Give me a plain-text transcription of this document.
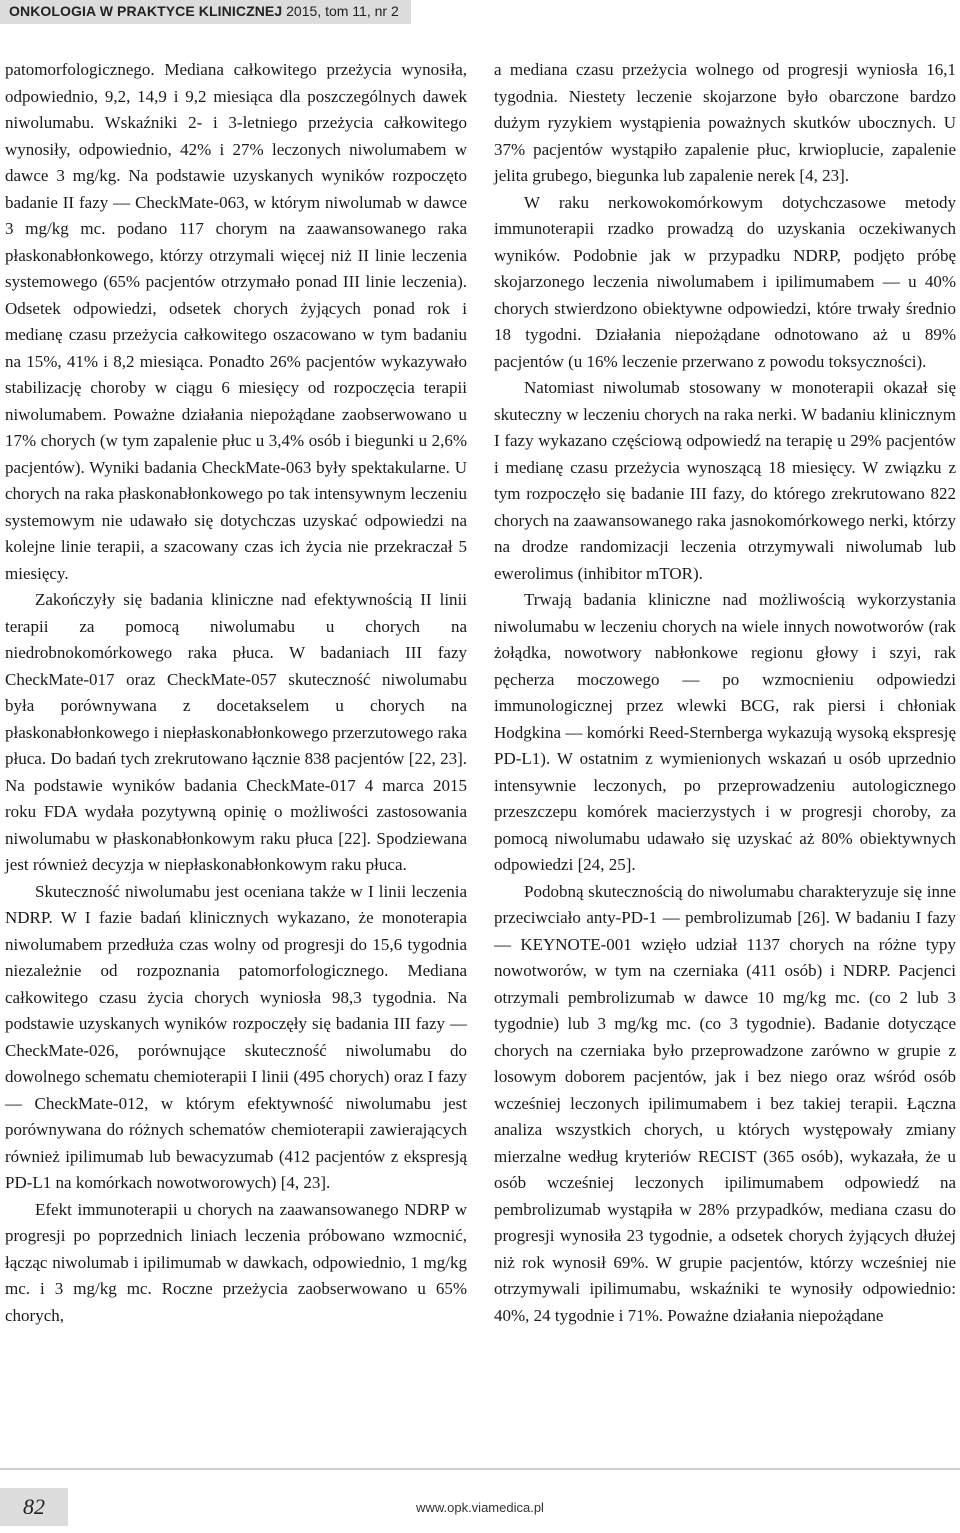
ONKOLOGIA W PRAKTYCE KLINICZNEJ 2015, tom 11, nr 2

patomorfologicznego. Mediana całkowitego przeżycia wynosiła, odpowiednio, 9,2, 14,9 i 9,2 miesiąca dla poszczególnych dawek niwolumabu. Wskaźniki 2- i 3-letniego przeżycia całkowitego wynosiły, odpowiednio, 42% i 27% leczonych niwolumabem w dawce 3 mg/kg. Na podstawie uzyskanych wyników rozpoczęto badanie II fazy — CheckMate-063, w którym niwolumab w dawce 3 mg/kg mc. podano 117 chorym na zaawansowanego raka płaskonabłonkowego, którzy otrzymali więcej niż II linie leczenia systemowego (65% pacjentów otrzymało ponad III linie leczenia). Odsetek odpowiedzi, odsetek chorych żyjących ponad rok i medianę czasu przeżycia całkowitego oszacowano w tym badaniu na 15%, 41% i 8,2 miesiąca. Ponadto 26% pacjentów wykazywało stabilizację choroby w ciągu 6 miesięcy od rozpoczęcia terapii niwolumabem. Poważne działania niepożądane zaobserwowano u 17% chorych (w tym zapalenie płuc u 3,4% osób i biegunki u 2,6% pacjentów). Wyniki badania CheckMate-063 były spektakularne. U chorych na raka płaskonabłonkowego po tak intensywnym leczeniu systemowym nie udawało się dotychczas uzyskać odpowiedzi na kolejne linie terapii, a szacowany czas ich życia nie przekraczał 5 miesięcy.

Zakończyły się badania kliniczne nad efektywnością II linii terapii za pomocą niwolumabu u chorych na niedrobnokomórkowego raka płuca. W badaniach III fazy CheckMate-017 oraz CheckMate-057 skuteczność niwolumabu była porównywana z docetakselem u chorych na płaskonabłonkowego i niepłaskonabłonkowego przerzutowego raka płuca. Do badań tych zrekrutowano łącznie 838 pacjentów [22, 23]. Na podstawie wyników badania CheckMate-017 4 marca 2015 roku FDA wydała pozytywną opinię o możliwości zastosowania niwolumabu w płaskonabłonkowym raku płuca [22]. Spodziewana jest również decyzja w niepłaskonabłonkowym raku płuca.

Skuteczność niwolumabu jest oceniana także w I linii leczenia NDRP. W I fazie badań klinicznych wykazano, że monoterapia niwolumabem przedłuża czas wolny od progresji do 15,6 tygodnia niezależnie od rozpoznania patomorfologicznego. Mediana całkowitego czasu życia chorych wyniosła 98,3 tygodnia. Na podstawie uzyskanych wyników rozpoczęły się badania III fazy — CheckMate-026, porównujące skuteczność niwolumabu do dowolnego schematu chemioterapii I linii (495 chorych) oraz I fazy — CheckMate-012, w którym efektywność niwolumabu jest porównywana do różnych schematów chemioterapii zawierających również ipilimumab lub bewacyzumab (412 pacjentów z ekspresją PD-L1 na komórkach nowotworowych) [4, 23].

Efekt immunoterapii u chorych na zaawansowanego NDRP w progresji po poprzednich liniach leczenia próbowano wzmocnić, łącząc niwolumab i ipilimumab w dawkach, odpowiednio, 1 mg/kg mc. i 3 mg/kg mc. Roczne przeżycia zaobserwowano u 65% chorych,

a mediana czasu przeżycia wolnego od progresji wyniosła 16,1 tygodnia. Niestety leczenie skojarzone było obarczone bardzo dużym ryzykiem wystąpienia poważnych skutków ubocznych. U 37% pacjentów wystąpiło zapalenie płuc, krwioplucie, zapalenie jelita grubego, biegunka lub zapalenie nerek [4, 23].

W raku nerkowokomórkowym dotychczasowe metody immunoterapii rzadko prowadzą do uzyskania oczekiwanych wyników. Podobnie jak w przypadku NDRP, podjęto próbę skojarzonego leczenia niwolumabem i ipilimumabem — u 40% chorych stwierdzono obiektywne odpowiedzi, które trwały średnio 18 tygodni. Działania niepożądane odnotowano aż u 89% pacjentów (u 16% leczenie przerwano z powodu toksyczności).

Natomiast niwolumab stosowany w monoterapii okazał się skuteczny w leczeniu chorych na raka nerki. W badaniu klinicznym I fazy wykazano częściową odpowiedź na terapię u 29% pacjentów i medianę czasu przeżycia wynoszącą 18 miesięcy. W związku z tym rozpoczęło się badanie III fazy, do którego zrekrutowano 822 chorych na zaawansowanego raka jasnokomórkowego nerki, którzy na drodze randomizacji leczenia otrzymywali niwolumab lub ewerolimus (inhibitor mTOR).

Trwają badania kliniczne nad możliwością wykorzystania niwolumabu w leczeniu chorych na wiele innych nowotworów (rak żołądka, nowotwory nabłonkowe regionu głowy i szyi, rak pęcherza moczowego — po wzmocnieniu odpowiedzi immunologicznej przez wlewki BCG, rak piersi i chłoniak Hodgkina — komórki Reed-Sternberga wykazują wysoką ekspresję PD-L1). W ostatnim z wymienionych wskazań u osób uprzednio intensywnie leczonych, po przeprowadzeniu autologicznego przeszczepu komórek macierzystych i w progresji choroby, za pomocą niwolumabu udawało się uzyskać aż 80% obiektywnych odpowiedzi [24, 25].

Podobną skutecznością do niwolumabu charakteryzuje się inne przeciwciało anty-PD-1 — pembrolizumab [26]. W badaniu I fazy — KEYNOTE-001 wzięło udział 1137 chorych na różne typy nowotworów, w tym na czerniaka (411 osób) i NDRP. Pacjenci otrzymali pembrolizumab w dawce 10 mg/kg mc. (co 2 lub 3 tygodnie) lub 3 mg/kg mc. (co 3 tygodnie). Badanie dotyczące chorych na czerniaka było przeprowadzone zarówno w grupie z losowym doborem pacjentów, jak i bez niego oraz wśród osób wcześniej leczonych ipilimumabem i bez takiej terapii. Łączna analiza wszystkich chorych, u których występowały zmiany mierzalne według kryteriów RECIST (365 osób), wykazała, że u osób wcześniej leczonych ipilimumabem odpowiedź na pembrolizumab wystąpiła w 28% przypadków, mediana czasu do progresji wynosiła 23 tygodnie, a odsetek chorych żyjących dłużej niż rok wynosił 69%. W grupie pacjentów, którzy wcześniej nie otrzymywali ipilimumabu, wskaźniki te wynosiły odpowiednio: 40%, 24 tygodnie i 71%. Poważne działania niepożądane

82	www.opk.viamedica.pl
